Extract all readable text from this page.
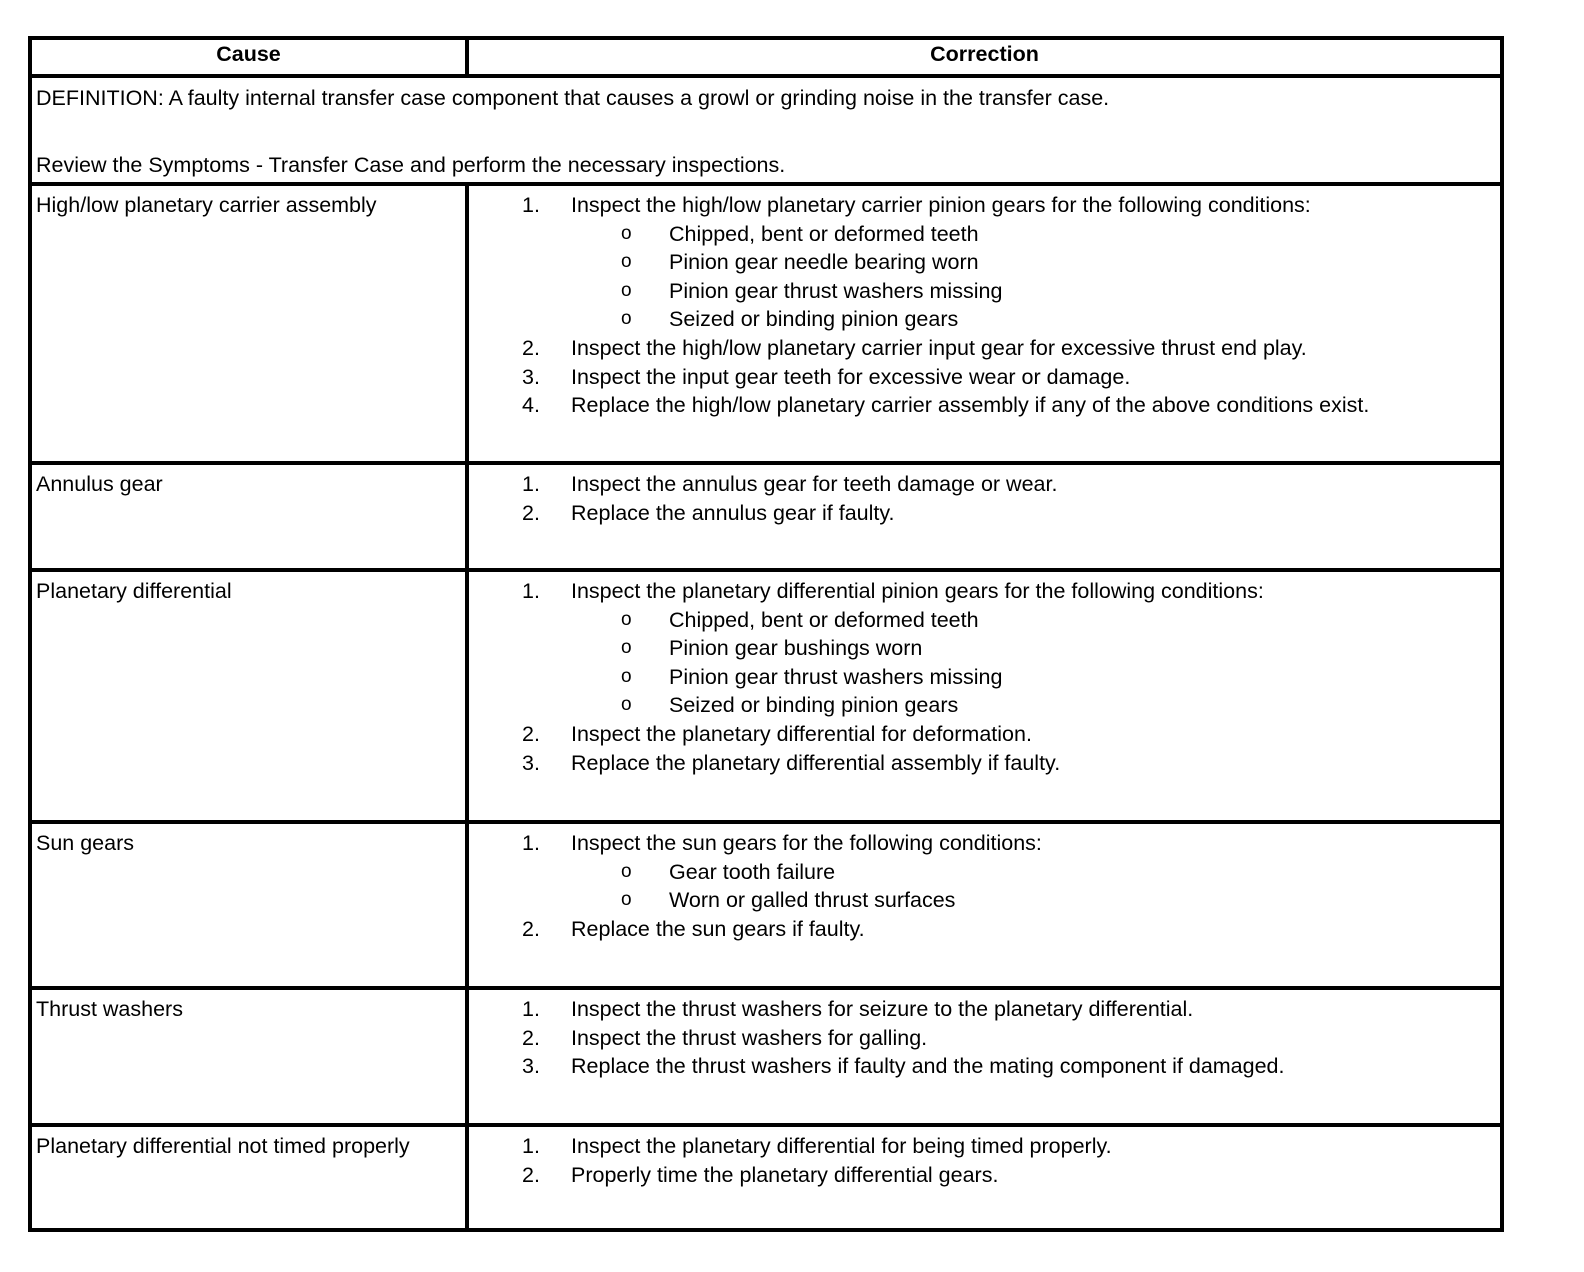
Cause	Correction

DEFINITION: A faulty internal transfer case component that causes a growl or grinding noise in the transfer case.
Review the Symptoms - Transfer Case and perform the necessary inspections.	

High/low planetary carrier assembly	1. Inspect the high/low planetary carrier pinion gears for the following conditions:
o Chipped, bent or deformed teeth
o Pinion gear needle bearing worn
o Pinion gear thrust washers missing
o Seized or binding pinion gears
2. Inspect the high/low planetary carrier input gear for excessive thrust end play.
3. Inspect the input gear teeth for excessive wear or damage.
4. Replace the high/low planetary carrier assembly if any of the above conditions exist.

Annulus gear	1. Inspect the annulus gear for teeth damage or wear.
2. Replace the annulus gear if faulty.

Planetary differential	1. Inspect the planetary differential pinion gears for the following conditions:
o Chipped, bent or deformed teeth
o Pinion gear bushings worn
o Pinion gear thrust washers missing
o Seized or binding pinion gears
2. Inspect the planetary differential for deformation.
3. Replace the planetary differential assembly if faulty.

Sun gears	1. Inspect the sun gears for the following conditions:
o Gear tooth failure
o Worn or galled thrust surfaces
2. Replace the sun gears if faulty.

Thrust washers	1. Inspect the thrust washers for seizure to the planetary differential.
2. Inspect the thrust washers for galling.
3. Replace the thrust washers if faulty and the mating component if damaged.

Planetary differential not timed properly	1. Inspect the planetary differential for being timed properly.
2. Properly time the planetary differential gears.
